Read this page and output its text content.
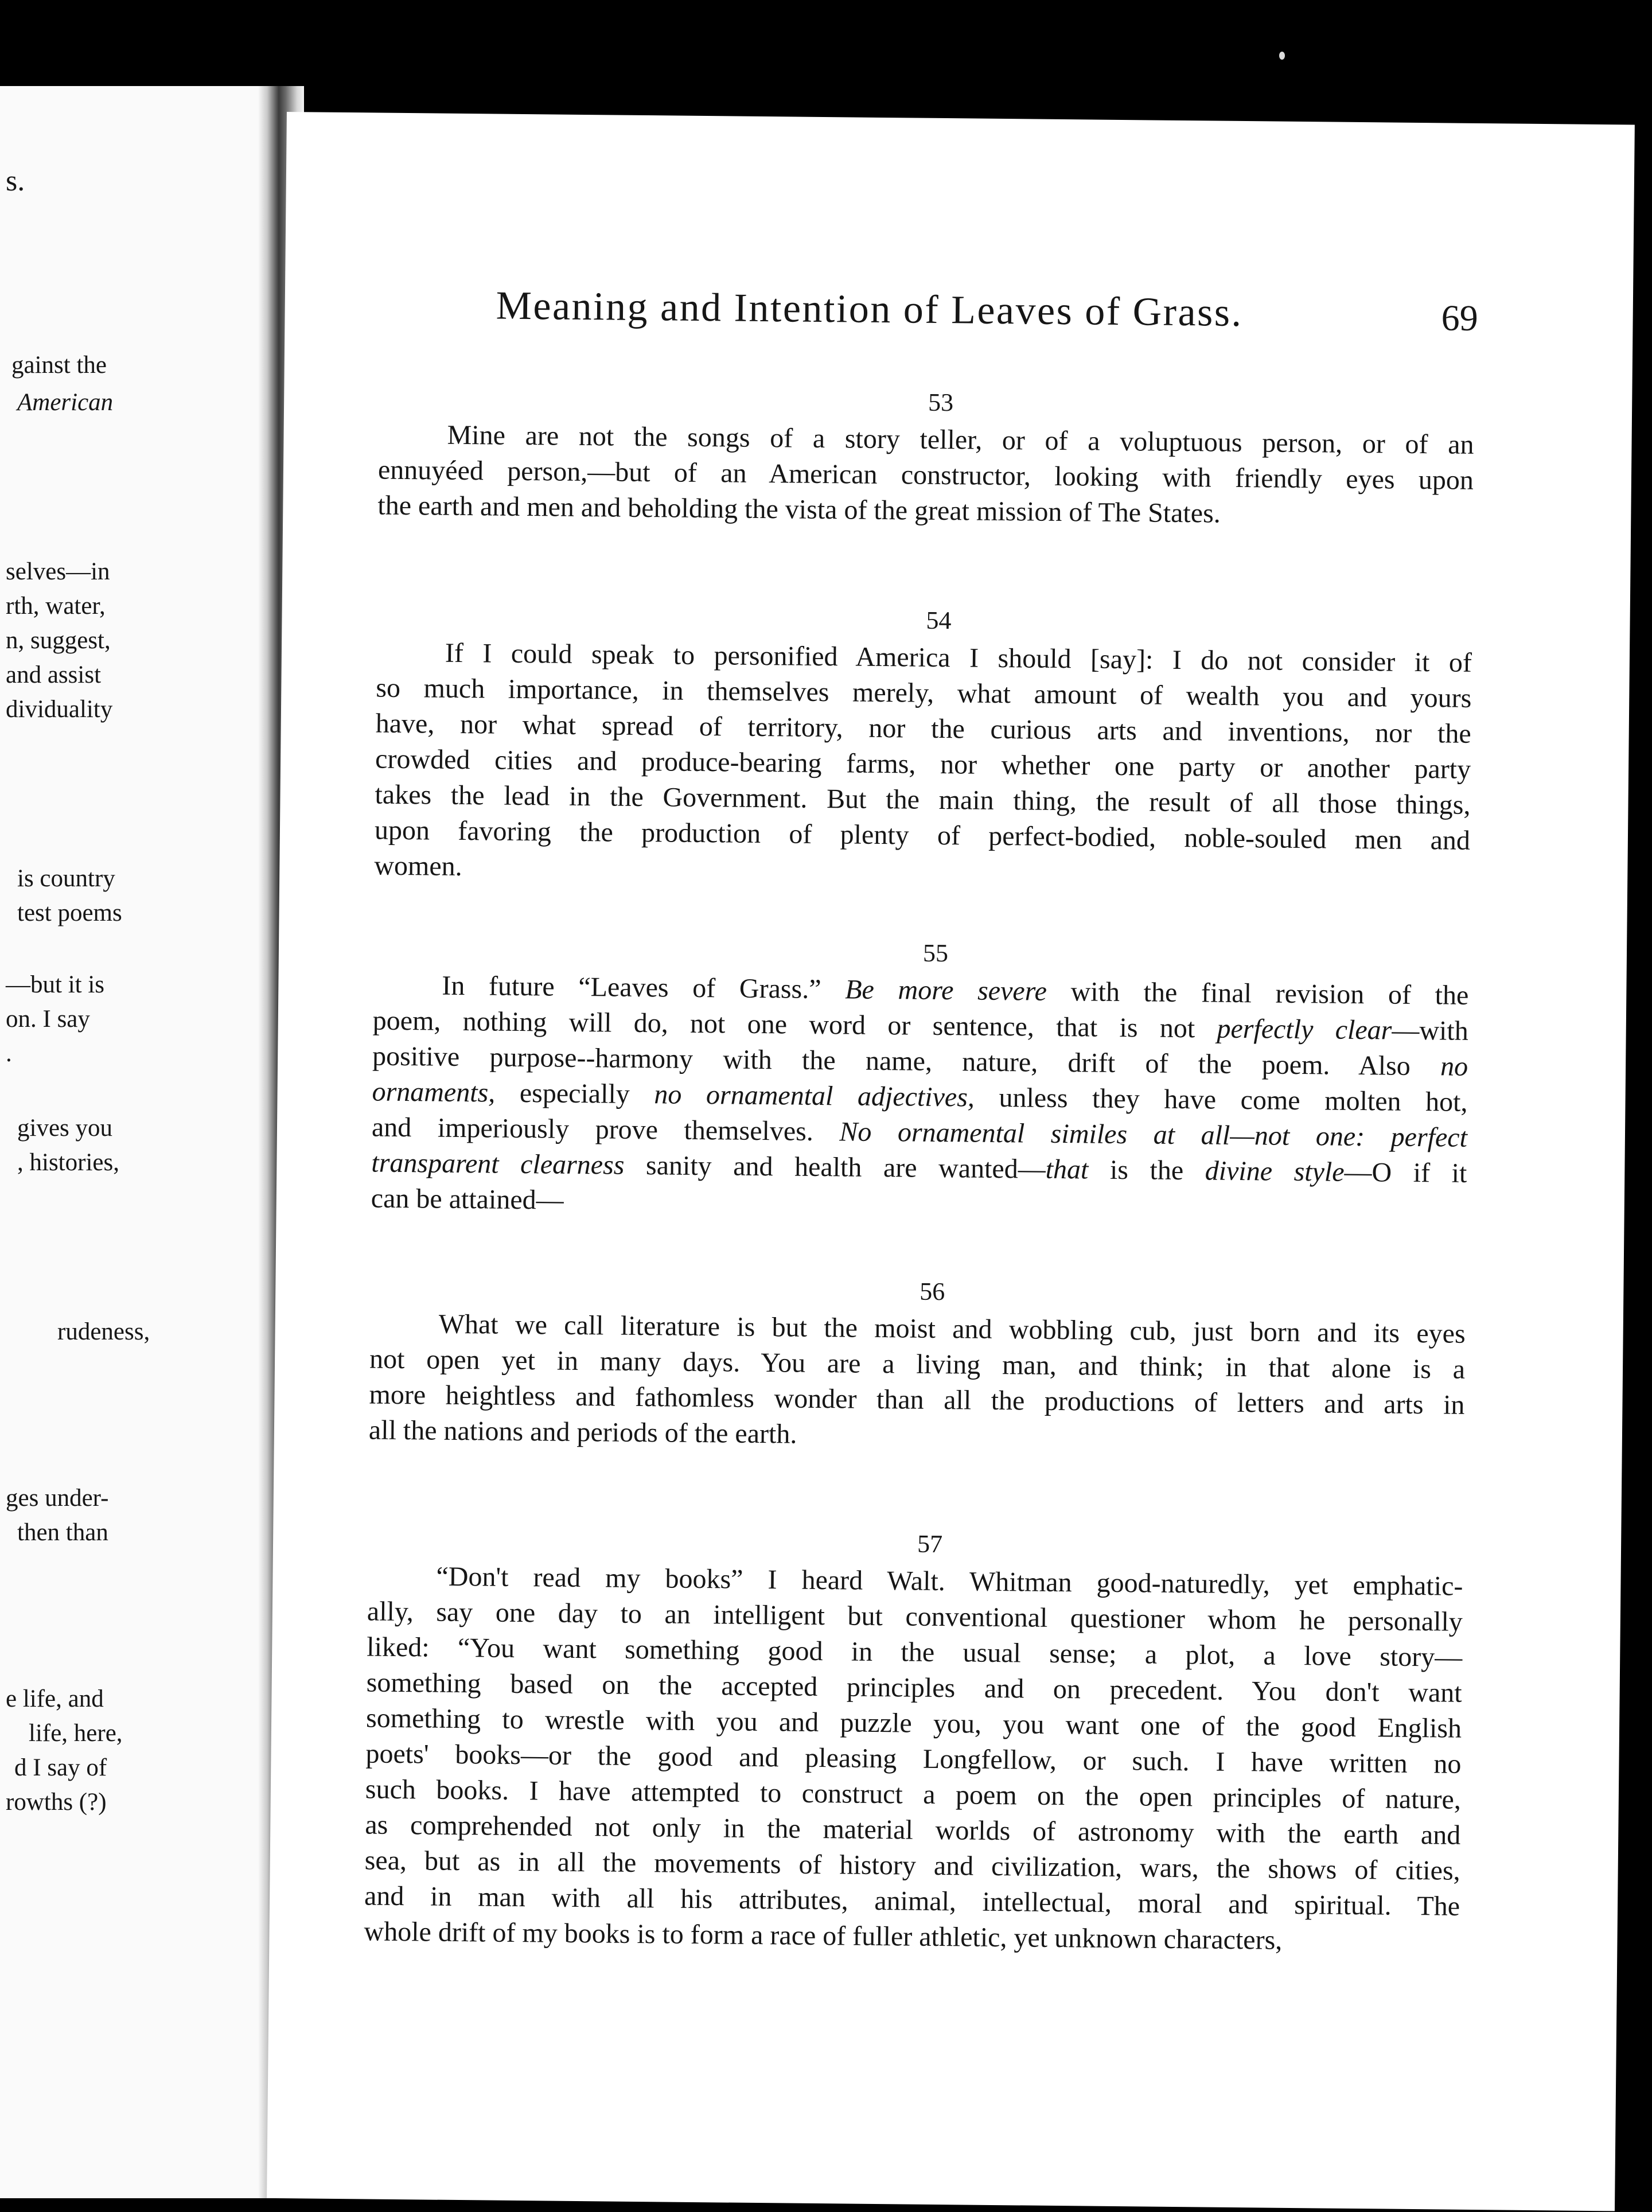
s.
gainst the
American
selves—in
rth, water,
n, suggest,
and assist
dividuality
is country
test poems
—but it is
on. I say
.
gives you
, histories,
rudeness,
ges under-
then than
e life, and
life, here,
d I say of
rowths (?)
Meaning and Intention of Leaves of Grass.	69
53
Mine are not the songs of a story teller, or of a voluptuous person, or of an
ennuyéed person,—but of an American constructor, looking with friendly eyes upon
the earth and men and beholding the vista of the great mission of The States.
54
If I could speak to personified America I should [say]: I do not consider it of
so much importance, in themselves merely, what amount of wealth you and yours
have, nor what spread of territory, nor the curious arts and inventions, nor the
crowded cities and produce-bearing farms, nor whether one party or another party
takes the lead in the Government. But the main thing, the result of all those things,
upon favoring the production of plenty of perfect-bodied, noble-souled men and
women.
55
In future “Leaves of Grass.” Be more severe with the final revision of the
poem, nothing will do, not one word or sentence, that is not perfectly clear—with
positive purpose--harmony with the name, nature, drift of the poem. Also no
ornaments, especially no ornamental adjectives, unless they have come molten hot,
and imperiously prove themselves. No ornamental similes at all—not one: perfect
transparent clearness sanity and health are wanted—that is the divine style—O if it
can be attained—
56
What we call literature is but the moist and wobbling cub, just born and its eyes
not open yet in many days. You are a living man, and think; in that alone is a
more heightless and fathomless wonder than all the productions of letters and arts in
all the nations and periods of the earth.
57
“Don't read my books” I heard Walt. Whitman good-naturedly, yet emphatic-
ally, say one day to an intelligent but conventional questioner whom he personally
liked: “You want something good in the usual sense; a plot, a love story—
something based on the accepted principles and on precedent. You don't want
something to wrestle with you and puzzle you, you want one of the good English
poets' books—or the good and pleasing Longfellow, or such. I have written no
such books. I have attempted to construct a poem on the open principles of nature,
as comprehended not only in the material worlds of astronomy with the earth and
sea, but as in all the movements of history and civilization, wars, the shows of cities,
and in man with all his attributes, animal, intellectual, moral and spiritual. The
whole drift of my books is to form a race of fuller athletic, yet unknown characters,
